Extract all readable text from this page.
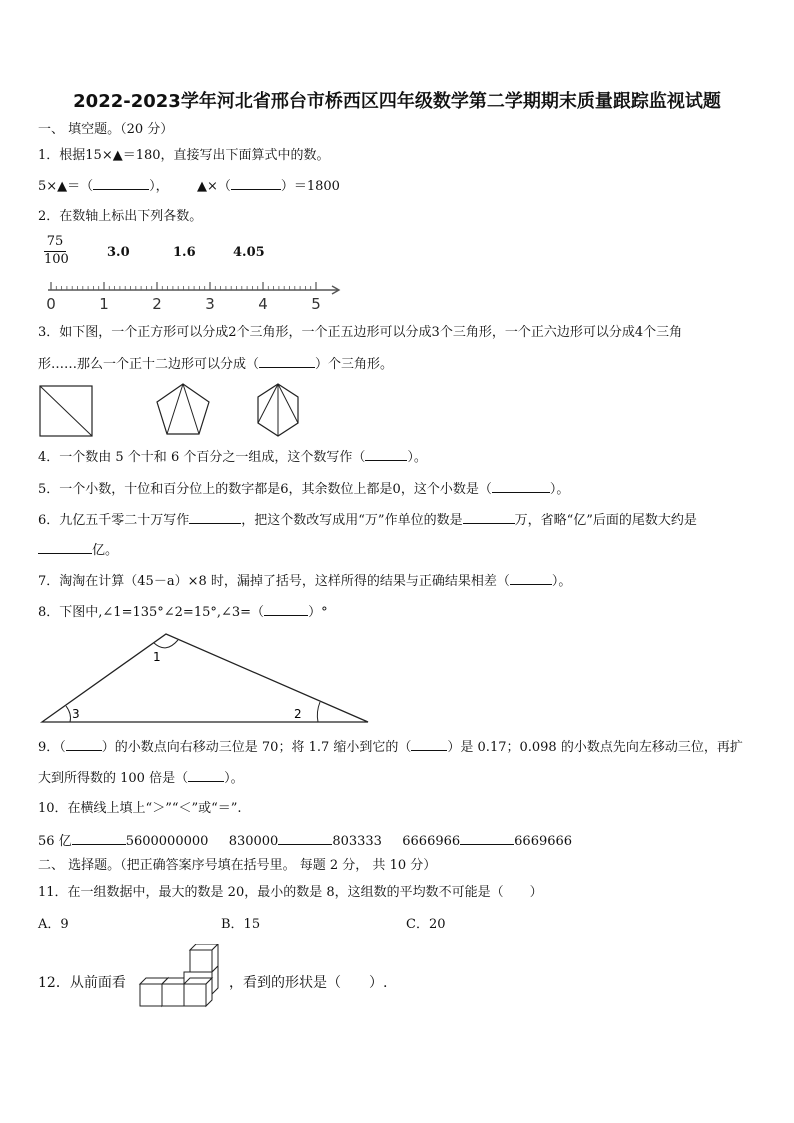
2022-2023学年河北省邢台市桥西区四年级数学第二学期期末质量跟踪监视试题
一、 填空题。（20 分）
1．根据15×▲＝180，直接写出下面算式中的数。
5×▲＝（	）， ▲×（	）＝1800
2．在数轴上标出下列各数。
$\frac{75}{100}$	3.0	1.6	4.05
0	1	2	3	4	5
3．如下图，一个正方形可以分成2个三角形，一个正五边形可以分成3个三角形，一个正六边形可以分成4个三角
形……那么一个正十二边形可以分成（	）个三角形。
4．一个数由 5 个十和 6 个百分之一组成，这个数写作（	）。
5．一个小数，十位和百分位上的数字都是6，其余数位上都是0，这个小数是（	）。
6．九亿五千零二十万写作	，把这个数改写成用“万”作单位的数是	万，省略“亿”后面的尾数大约是
亿。
7．淘淘在计算（45－a）×8 时，漏掉了括号，这样所得的结果与正确结果相差（	）。
8．下图中,∠1=135°∠2=15°,∠3=（	）°
1
3	2
9．（	）的小数点向右移动三位是 70；将 1.7 缩小到它的（	）是 0.17；0.098 的小数点先向左移动三位，再扩
大到所得数的 100 倍是（	）。
10．在横线上填上“＞”“＜”或“＝”.
56 亿	5600000000 830000	803333 6666966	6669666
二、 选择题。（把正确答案序号填在括号里。 每题 2 分， 共 10 分）
11．在一组数据中，最大的数是 20，最小的数是 8，这组数的平均数不可能是（　　）
A．9	B．15	C．20
12．从前面看	，看到的形状是（　　）.
